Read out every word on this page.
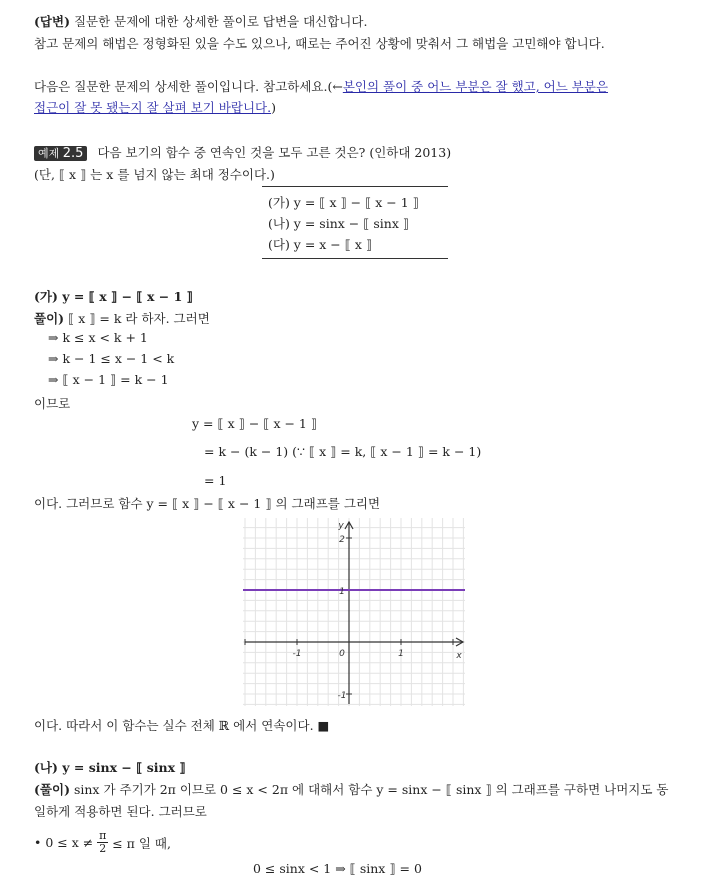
(답변) 질문한 문제에 대한 상세한 풀이로 답변을 대신합니다.
참고 문제의 해법은 정형화된 있을 수도 있으나, 때로는 주어진 상황에 맞춰서 그 해법을 고민해야 합니다.
다음은 질문한 문제의 상세한 풀이입니다. 참고하세요.(←본인의 풀이 중 어느 부분은 잘 했고, 어느 부분은
접근이 잘 못 됐는지 잘 살펴 보기 바랍니다.)
예제 2.5 다음 보기의 함수 중 연속인 것을 모두 고른 것은? (인하대 2013)
(단, ⟦ x ⟧ 는 x 를 넘지 않는 최대 정수이다.)
(가) y = ⟦ x ⟧ − ⟦ x − 1 ⟧
(나) y = sinx − ⟦ sinx ⟧
(다) y = x − ⟦ x ⟧
(가) y = ⟦ x ⟧ − ⟦ x − 1 ⟧
풀이) ⟦ x ⟧ = k 라 하자. 그러면
⇒ k ≤ x < k + 1
⇒ k − 1 ≤ x − 1 < k
⇒ ⟦ x − 1 ⟧ = k − 1
이므로
y = ⟦ x ⟧ − ⟦ x − 1 ⟧
= k − (k − 1) (∵ ⟦ x ⟧ = k, ⟦ x − 1 ⟧ = k − 1)
= 1
이다. 그러므로 함수 y = ⟦ x ⟧ − ⟦ x − 1 ⟧ 의 그래프를 그리면
x
y
-1	0	1
2
1
-1
이다. 따라서 이 함수는 실수 전체 ℝ 에서 연속이다. ■
(나) y = sinx − ⟦ sinx ⟧
(풀이) sinx 가 주기가 2π 이므로 0 ≤ x < 2π 에 대해서 함수 y = sinx − ⟦ sinx ⟧ 의 그래프를 구하면 나머지도 동
일하게 적용하면 된다. 그러므로
• $0 \le x \ne \frac{\pi}{2} \le \pi$ 일 때,
0 ≤ sinx < 1 ⇒ ⟦ sinx ⟧ = 0
